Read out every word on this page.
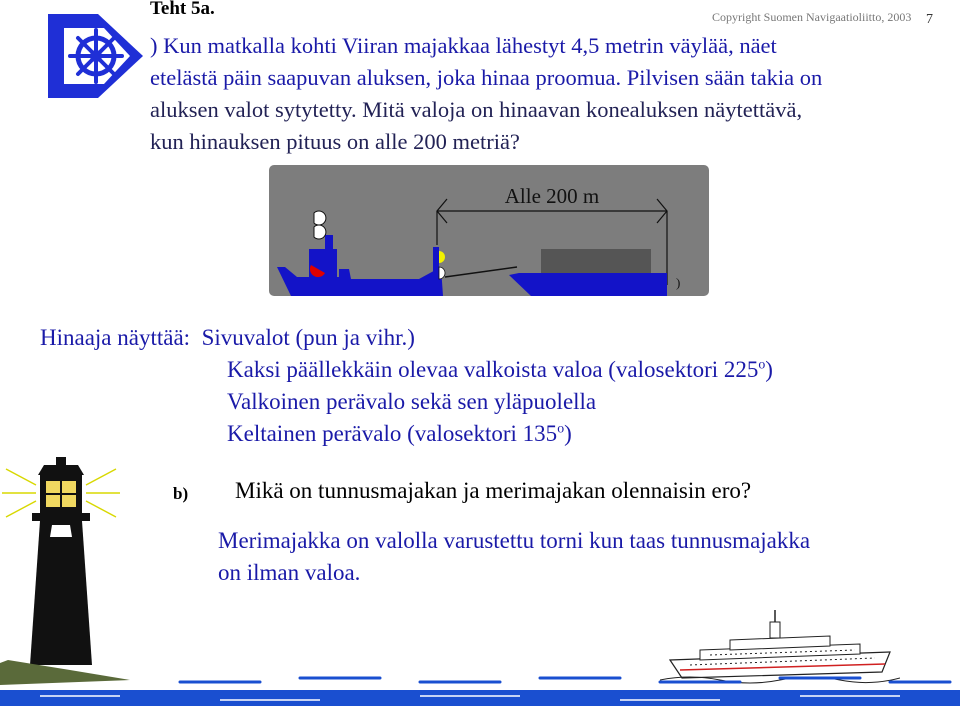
Teht 5a.	Copyright Suomen Navigaatioliitto, 2003 7
) Kun matkalla kohti Viiran majakkaa lähestyt 4,5 metrin väylää, näet
etelästä päin saapuvan aluksen, joka hinaa proomua. Pilvisen sään takia on
aluksen valot sytytetty. Mitä valoja on hinaavan konealuksen näytettävä,
kun hinauksen pituus on alle 200 metriä?
Alle 200 m
)
Hinaaja näyttää: Sivuvalot (pun ja vihr.)
Kaksi päällekkäin olevaa valkoista valoa (valosektori 225$^o$)
Valkoinen perävalo sekä sen yläpuolella
Keltainen perävalo (valosektori 135$^o$)
b) Mikä on tunnusmajakan ja merimajakan olennaisin ero?
Merimajakka on valolla varustettu torni kun taas tunnusmajakka
on ilman valoa.
